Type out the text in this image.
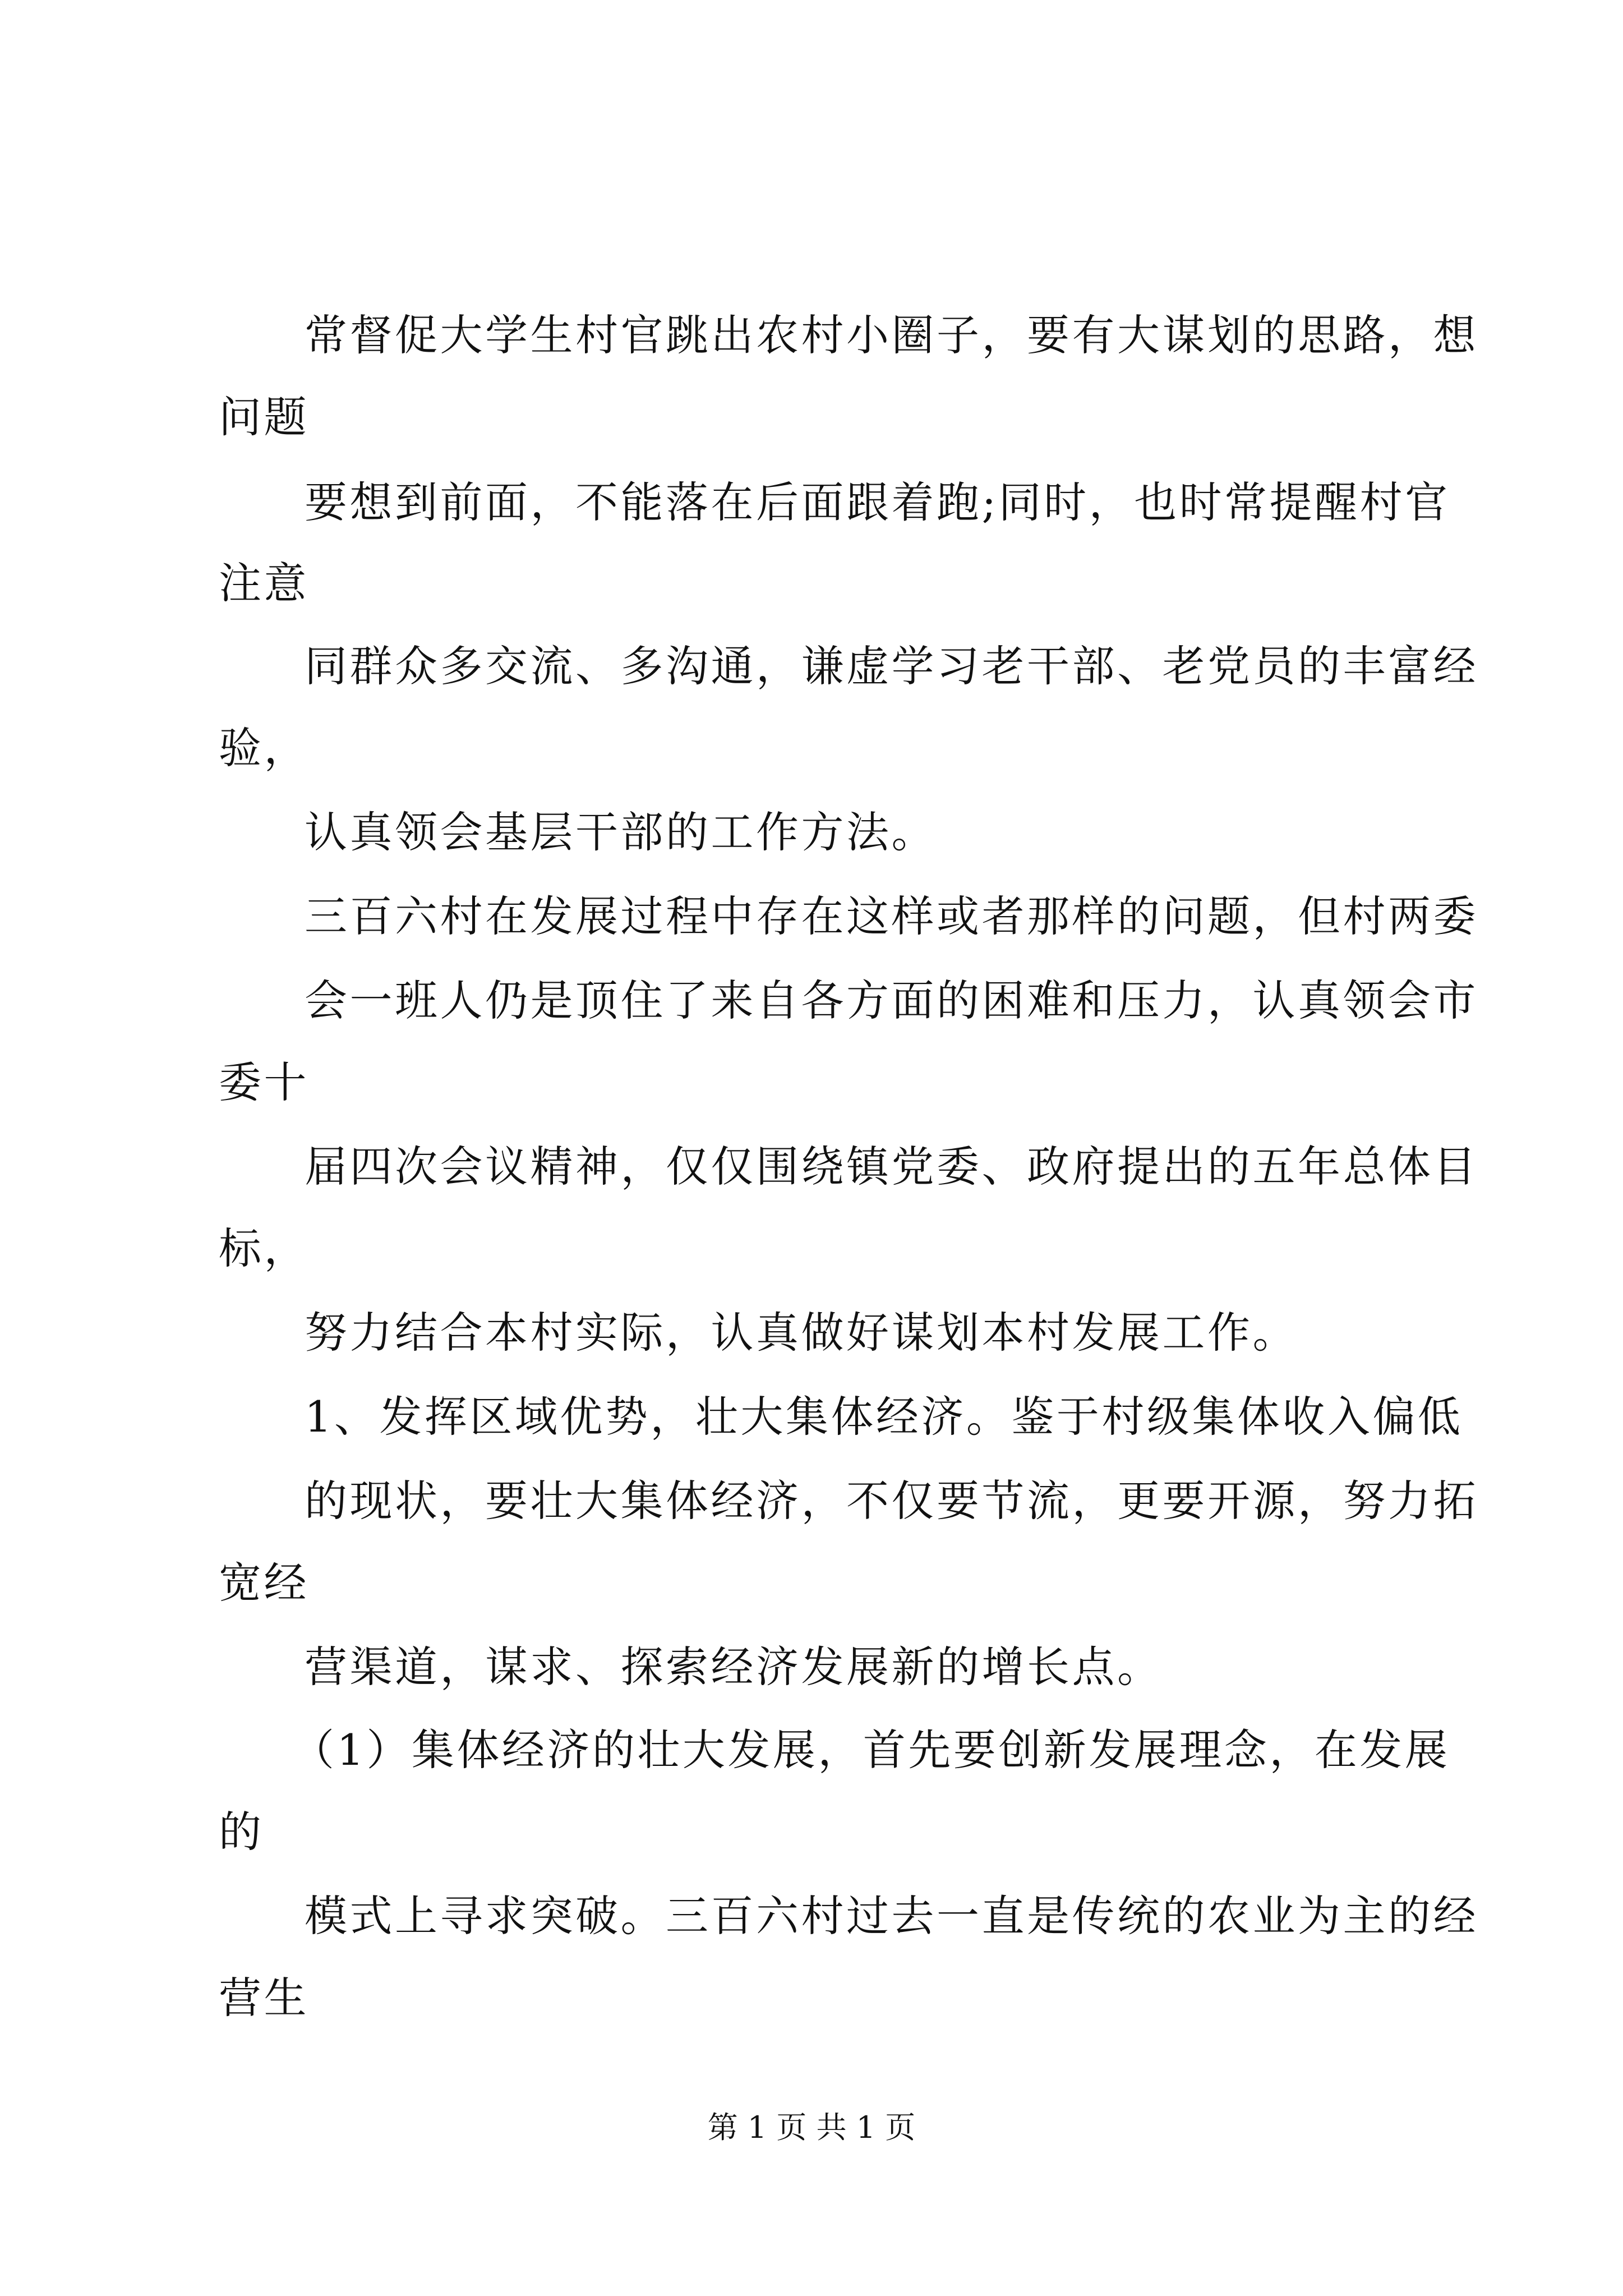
常督促大学生村官跳出农村小圈子，要有大谋划的思路，想
问题
要想到前面，不能落在后面跟着跑;同时，也时常提醒村官
注意
同群众多交流、多沟通，谦虚学习老干部、老党员的丰富经
验，
认真领会基层干部的工作方法。
三百六村在发展过程中存在这样或者那样的问题，但村两委
会一班人仍是顶住了来自各方面的困难和压力，认真领会市
委十
届四次会议精神，仅仅围绕镇党委、政府提出的五年总体目
标，
努力结合本村实际，认真做好谋划本村发展工作。
1、发挥区域优势，壮大集体经济。鉴于村级集体收入偏低
的现状，要壮大集体经济，不仅要节流，更要开源，努力拓
宽经
营渠道，谋求、探索经济发展新的增长点。
（1）集体经济的壮大发展，首先要创新发展理念，在发展
的
模式上寻求突破。三百六村过去一直是传统的农业为主的经
营生
第 1 页 共 1 页
